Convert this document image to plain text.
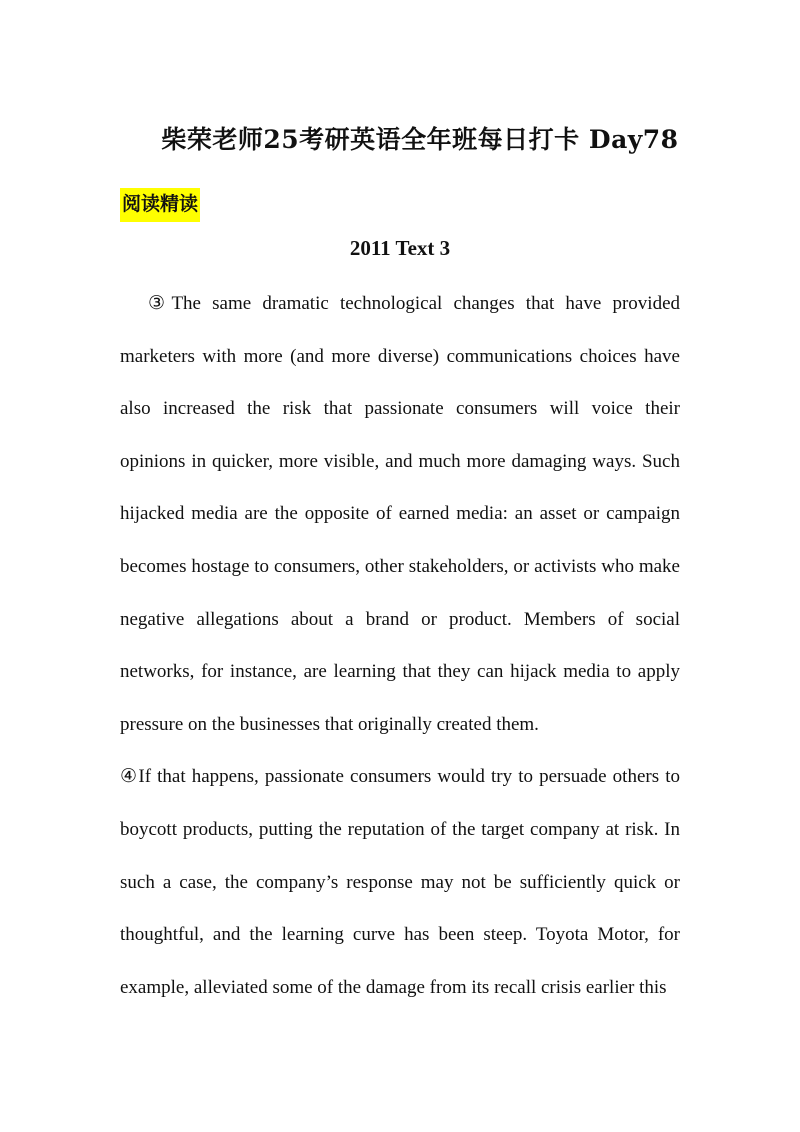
柴荣老师25考研英语全年班每日打卡 Day78
阅读精读
2011 Text 3

③The same dramatic technological changes that have provided marketers with more (and more diverse) communications choices have also increased the risk that passionate consumers will voice their opinions in quicker, more visible, and much more damaging ways. Such hijacked media are the opposite of earned media: an asset or campaign becomes hostage to consumers, other stakeholders, or activists who make negative allegations about a brand or product. Members of social networks, for instance, are learning that they can hijack media to apply pressure on the businesses that originally created them.

④If that happens, passionate consumers would try to persuade others to boycott products, putting the reputation of the target company at risk. In such a case, the company’s response may not be sufficiently quick or thoughtful, and the learning curve has been steep. Toyota Motor, for example, alleviated some of the damage from its recall crisis earlier this
